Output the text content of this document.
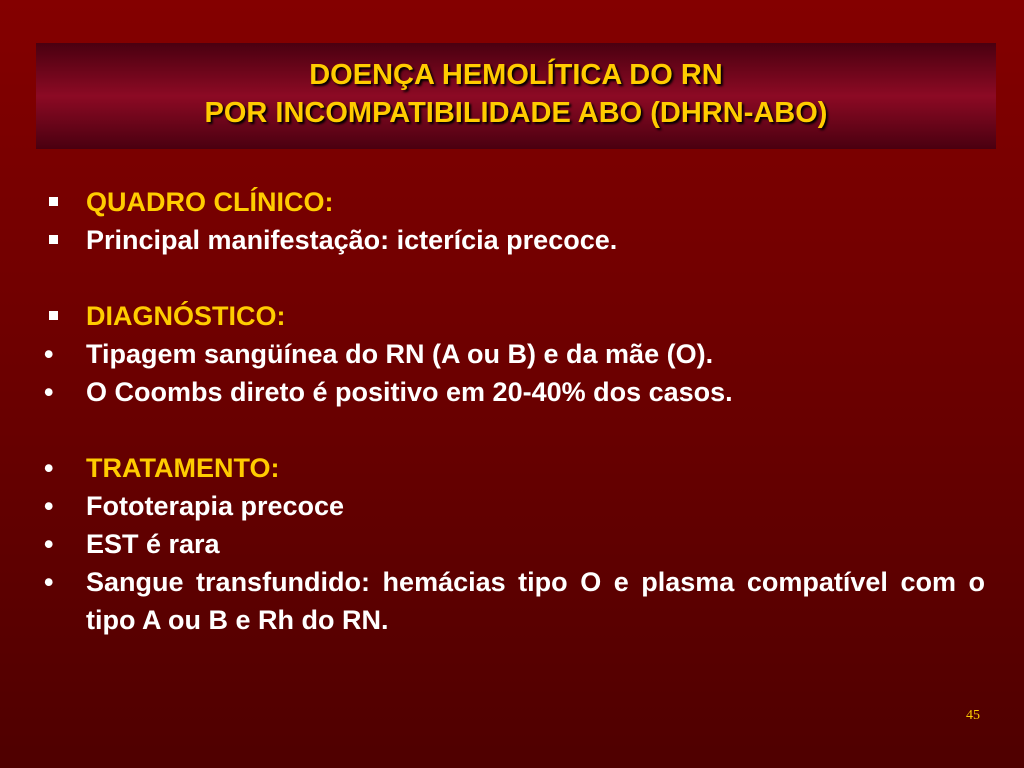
DOENÇA HEMOLÍTICA DO RN
POR INCOMPATIBILIDADE ABO (DHRN-ABO)
QUADRO CLÍNICO:
Principal manifestação: icterícia precoce.
DIAGNÓSTICO:
• Tipagem sangüínea do RN (A ou B) e da mãe (O).
• O Coombs direto é positivo em 20-40% dos casos.
• TRATAMENTO:
• Fototerapia precoce
• EST é rara
• Sangue transfundido: hemácias tipo O e plasma compatível com o tipo A ou B e Rh do RN.
45
